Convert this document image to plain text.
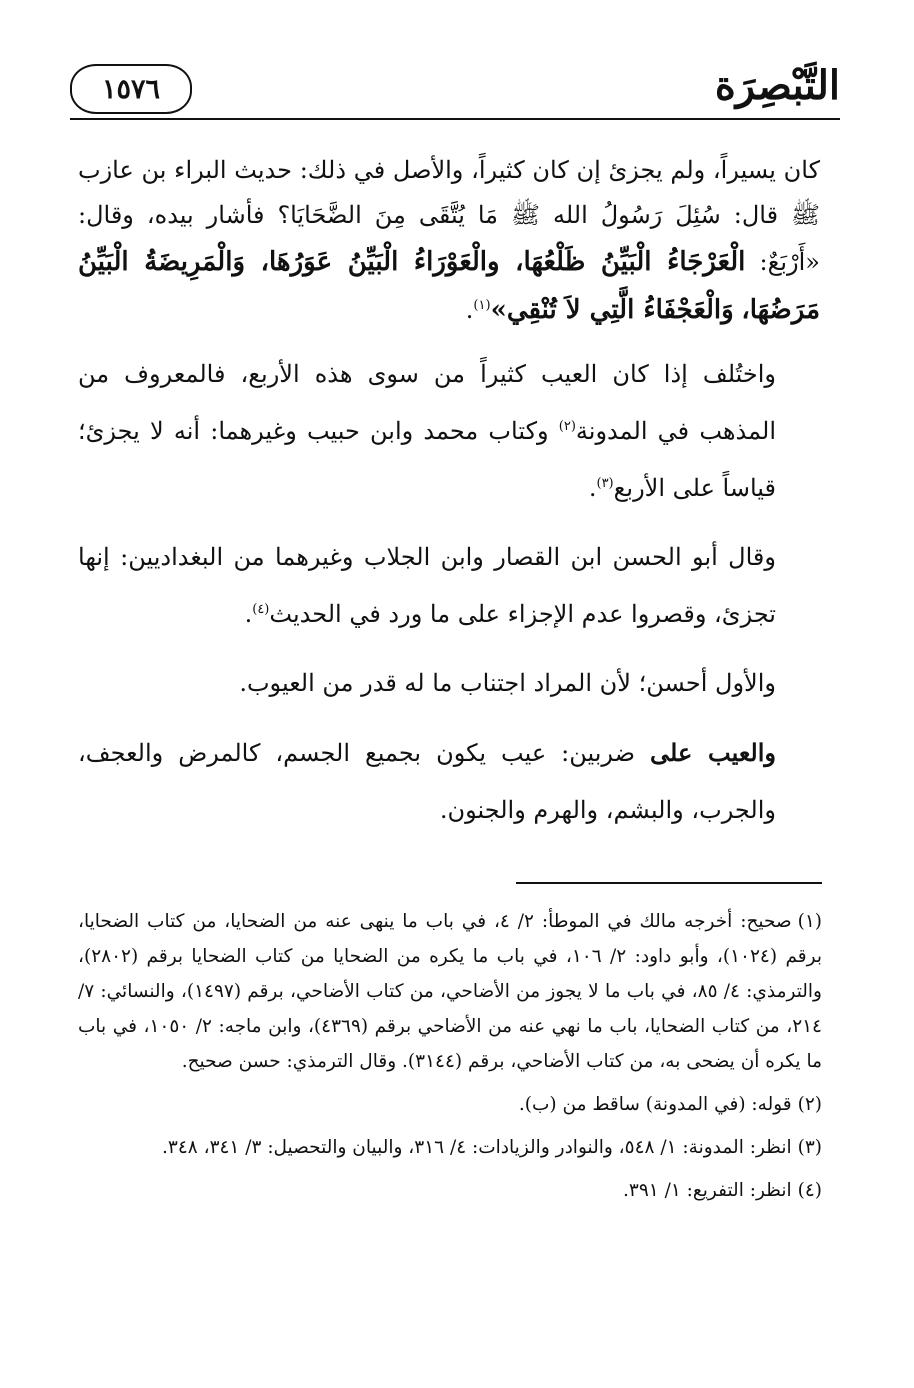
١٥٧٦	التَّبْصِرَة

كان يسيراً، ولم يجزئ إن كان كثيراً، والأصل في ذلك: حديث البراء بن عازب ﷺ قال: سُئِلَ رَسُولُ الله ﷺ مَا يُتَّقَى مِنَ الضَّحَايَا؟ فأشار بيده، وقال: «أَرْبَعٌ: الْعَرْجَاءُ الْبَيِّنُ ظَلْعُهَا، والْعَوْرَاءُ الْبَيِّنُ عَوَرُهَا، وَالْمَرِيضَةُ الْبَيِّنُ مَرَضُهَا، وَالْعَجْفَاءُ الَّتِي لاَ تُنْقِي»$^{(١)}$.

واختُلف إذا كان العيب كثيراً من سوى هذه الأربع، فالمعروف من المذهب في المدونة$^{(٢)}$ وكتاب محمد وابن حبيب وغيرهما: أنه لا يجزئ؛ قياساً على الأربع$^{(٣)}$.

وقال أبو الحسن ابن القصار وابن الجلاب وغيرهما من البغداديين: إنها تجزئ، وقصروا عدم الإجزاء على ما ورد في الحديث$^{(٤)}$.

والأول أحسن؛ لأن المراد اجتناب ما له قدر من العيوب.

والعيب على ضربين: عيب يكون بجميع الجسم، كالمرض والعجف، والجرب، والبشم، والهرم والجنون.

(١)صحيح: أخرجه مالك في الموطأ: ٢/ ٤، في باب ما ينهى عنه من الضحايا، من كتاب الضحايا، برقم (١٠٢٤)، وأبو داود: ٢/ ١٠٦، في باب ما يكره من الضحايا من كتاب الضحايا برقم (٢٨٠٢)، والترمذي: ٤/ ٨٥، في باب ما لا يجوز من الأضاحي، من كتاب الأضاحي، برقم (١٤٩٧)، والنسائي: ٧/ ٢١٤، من كتاب الضحايا، باب ما نهي عنه من الأضاحي برقم (٤٣٦٩)، وابن ماجه: ٢/ ١٠٥٠، في باب ما يكره أن يضحى به، من كتاب الأضاحي، برقم (٣١٤٤). وقال الترمذي: حسن صحيح.

(٢)قوله: (في المدونة) ساقط من (ب).

(٣)انظر: المدونة: ١/ ٥٤٨، والنوادر والزيادات: ٤/ ٣١٦، والبيان والتحصيل: ٣/ ٣٤١، ٣٤٨.

(٤)انظر: التفريع: ١/ ٣٩١.
